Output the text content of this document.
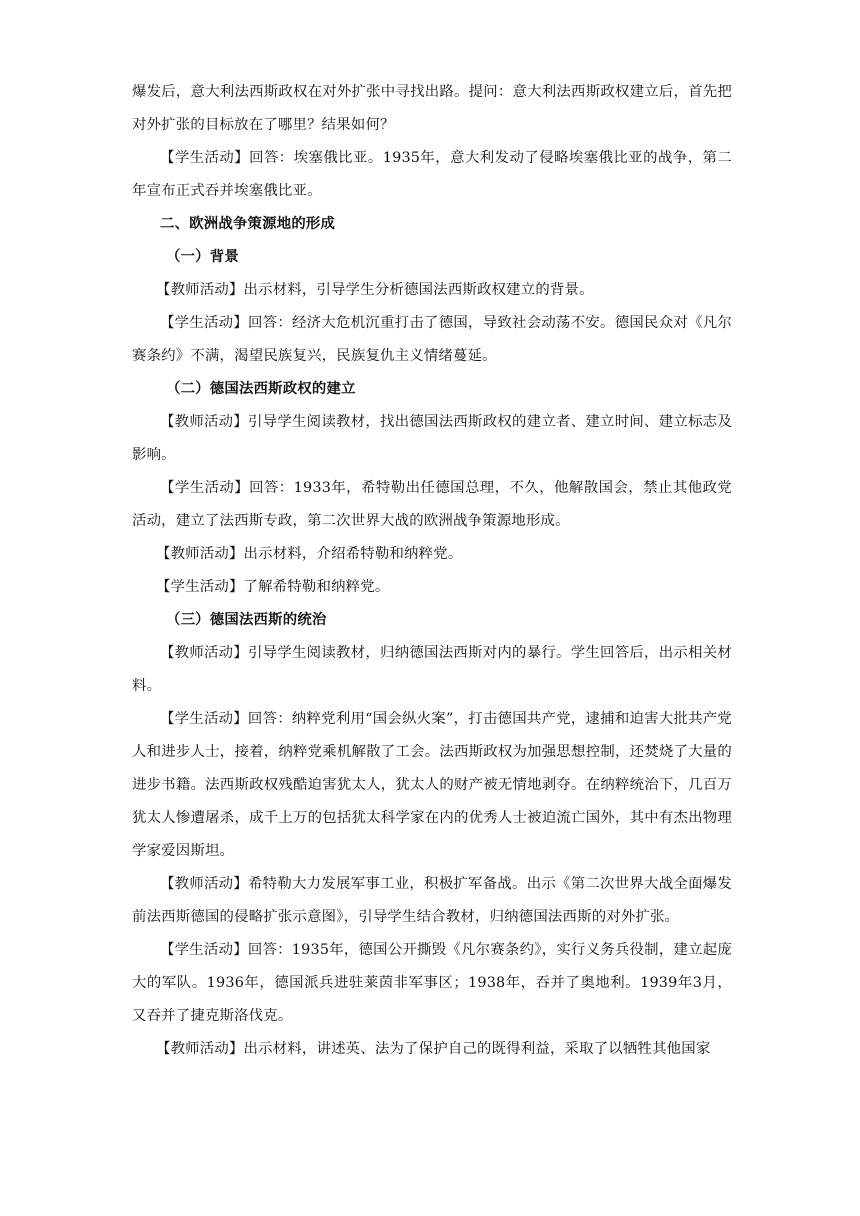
爆发后，意大利法西斯政权在对外扩张中寻找出路。提问：意大利法西斯政权建立后，首先把对外扩张的目标放在了哪里？结果如何？

【学生活动】回答：埃塞俄比亚。1935年，意大利发动了侵略埃塞俄比亚的战争，第二年宣布正式吞并埃塞俄比亚。

二、欧洲战争策源地的形成

（一）背景

【教师活动】出示材料，引导学生分析德国法西斯政权建立的背景。

【学生活动】回答：经济大危机沉重打击了德国，导致社会动荡不安。德国民众对《凡尔赛条约》不满，渴望民族复兴，民族复仇主义情绪蔓延。

（二）德国法西斯政权的建立

【教师活动】引导学生阅读教材，找出德国法西斯政权的建立者、建立时间、建立标志及影响。

【学生活动】回答：1933年，希特勒出任德国总理，不久，他解散国会，禁止其他政党活动，建立了法西斯专政，第二次世界大战的欧洲战争策源地形成。

【教师活动】出示材料，介绍希特勒和纳粹党。

【学生活动】了解希特勒和纳粹党。

（三）德国法西斯的统治

【教师活动】引导学生阅读教材，归纳德国法西斯对内的暴行。学生回答后，出示相关材料。

【学生活动】回答：纳粹党利用“国会纵火案”，打击德国共产党，逮捕和迫害大批共产党人和进步人士，接着，纳粹党乘机解散了工会。法西斯政权为加强思想控制，还焚烧了大量的进步书籍。法西斯政权残酷迫害犹太人，犹太人的财产被无情地剥夺。在纳粹统治下，几百万犹太人惨遭屠杀，成千上万的包括犹太科学家在内的优秀人士被迫流亡国外，其中有杰出物理学家爱因斯坦。

【教师活动】希特勒大力发展军事工业，积极扩军备战。出示《第二次世界大战全面爆发前法西斯德国的侵略扩张示意图》，引导学生结合教材，归纳德国法西斯的对外扩张。

【学生活动】回答：1935年，德国公开撕毁《凡尔赛条约》，实行义务兵役制，建立起庞大的军队。1936年，德国派兵进驻莱茵非军事区；1938年，吞并了奥地利。1939年3月，又吞并了捷克斯洛伐克。

【教师活动】出示材料，讲述英、法为了保护自己的既得利益，采取了以牺牲其他国家
